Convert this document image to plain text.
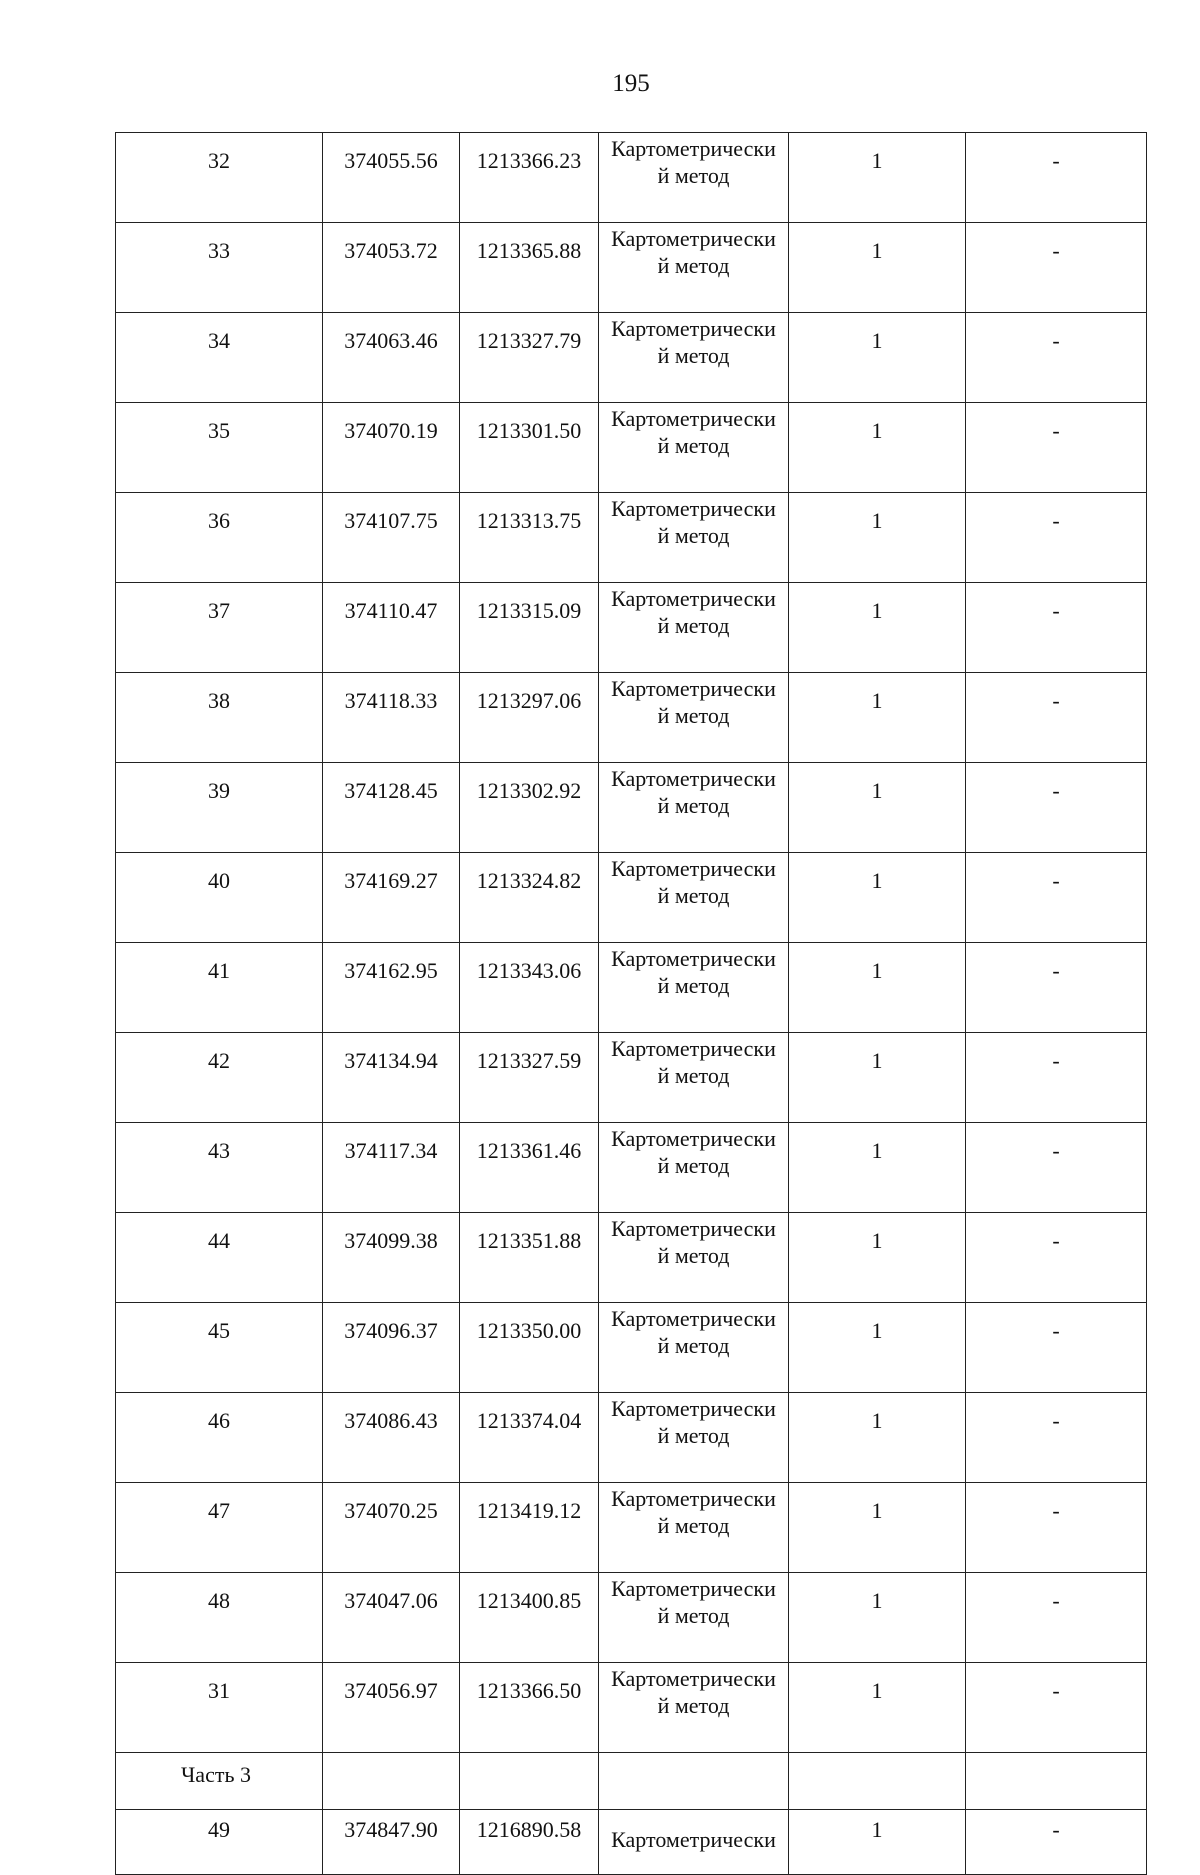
195
32	374055.56	1213366.23	Картометрически
й метод	1	-
33	374053.72	1213365.88	Картометрически
й метод	1	-
34	374063.46	1213327.79	Картометрически
й метод	1	-
35	374070.19	1213301.50	Картометрически
й метод	1	-
36	374107.75	1213313.75	Картометрически
й метод	1	-
37	374110.47	1213315.09	Картометрически
й метод	1	-
38	374118.33	1213297.06	Картометрически
й метод	1	-
39	374128.45	1213302.92	Картометрически
й метод	1	-
40	374169.27	1213324.82	Картометрически
й метод	1	-
41	374162.95	1213343.06	Картометрически
й метод	1	-
42	374134.94	1213327.59	Картометрически
й метод	1	-
43	374117.34	1213361.46	Картометрически
й метод	1	-
44	374099.38	1213351.88	Картометрически
й метод	1	-
45	374096.37	1213350.00	Картометрически
й метод	1	-
46	374086.43	1213374.04	Картометрически
й метод	1	-
47	374070.25	1213419.12	Картометрически
й метод	1	-
48	374047.06	1213400.85	Картометрически
й метод	1	-
31	374056.97	1213366.50	Картометрически
й метод	1	-
Часть 3					
49	374847.90	1216890.58	Картометрически	1	-
